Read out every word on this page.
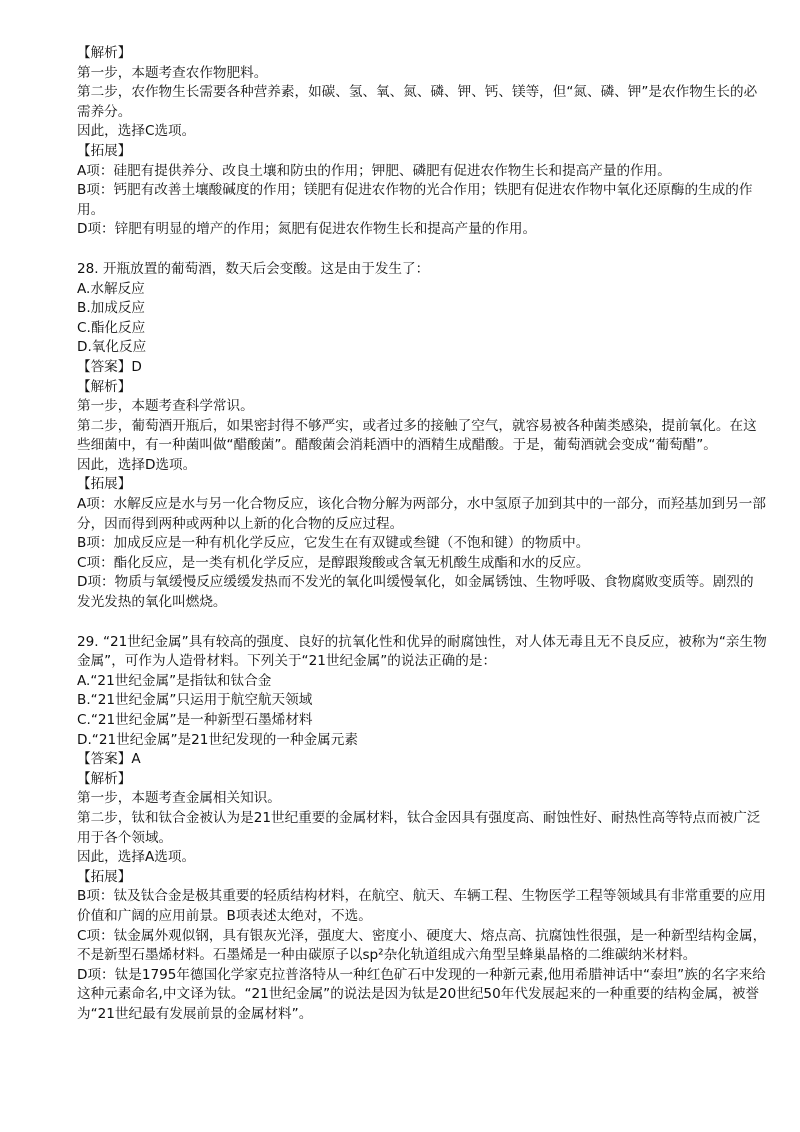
【解析】
第一步，本题考查农作物肥料。
第二步，农作物生长需要各种营养素，如碳、氢、氧、氮、磷、钾、钙、镁等，但“氮、磷、钾”是农作物生长的必需养分。
因此，选择C选项。
【拓展】
A项：硅肥有提供养分、改良土壤和防虫的作用；钾肥、磷肥有促进农作物生长和提高产量的作用。
B项：钙肥有改善土壤酸碱度的作用；镁肥有促进农作物的光合作用；铁肥有促进农作物中氧化还原酶的生成的作用。
D项：锌肥有明显的增产的作用；氮肥有促进农作物生长和提高产量的作用。
28. 开瓶放置的葡萄酒，数天后会变酸。这是由于发生了：
A.水解反应
B.加成反应
C.酯化反应
D.氧化反应
【答案】D
【解析】
第一步，本题考查科学常识。
第二步，葡萄酒开瓶后，如果密封得不够严实，或者过多的接触了空气，就容易被各种菌类感染，提前氧化。在这些细菌中，有一种菌叫做“醋酸菌”。醋酸菌会消耗酒中的酒精生成醋酸。于是，葡萄酒就会变成“葡萄醋”。
因此，选择D选项。
【拓展】
A项：水解反应是水与另一化合物反应，该化合物分解为两部分，水中氢原子加到其中的一部分，而羟基加到另一部分，因而得到两种或两种以上新的化合物的反应过程。
B项：加成反应是一种有机化学反应，它发生在有双键或叁键（不饱和键）的物质中。
C项：酯化反应，是一类有机化学反应，是醇跟羧酸或含氧无机酸生成酯和水的反应。
D项：物质与氧缓慢反应缓缓发热而不发光的氧化叫缓慢氧化，如金属锈蚀、生物呼吸、食物腐败变质等。剧烈的发光发热的氧化叫燃烧。
29. “21世纪金属”具有较高的强度、良好的抗氧化性和优异的耐腐蚀性，对人体无毒且无不良反应，被称为“亲生物金属”，可作为人造骨材料。下列关于“21世纪金属”的说法正确的是：
A.“21世纪金属”是指钛和钛合金
B.“21世纪金属”只运用于航空航天领域
C.“21世纪金属”是一种新型石墨烯材料
D.“21世纪金属”是21世纪发现的一种金属元素
【答案】A
【解析】
第一步，本题考查金属相关知识。
第二步，钛和钛合金被认为是21世纪重要的金属材料，钛合金因具有强度高、耐蚀性好、耐热性高等特点而被广泛用于各个领域。
因此，选择A选项。
【拓展】
B项：钛及钛合金是极其重要的轻质结构材料，在航空、航天、车辆工程、生物医学工程等领域具有非常重要的应用价值和广阔的应用前景。B项表述太绝对，不选。
C项：钛金属外观似钢，具有银灰光泽，强度大、密度小、硬度大、熔点高、抗腐蚀性很强，是一种新型结构金属，不是新型石墨烯材料。石墨烯是一种由碳原子以sp²杂化轨道组成六角型呈蜂巢晶格的二维碳纳米材料。
D项：钛是1795年德国化学家克拉普洛特从一种红色矿石中发现的一种新元素,他用希腊神话中“泰坦”族的名字来给这种元素命名,中文译为钛。“21世纪金属”的说法是因为钛是20世纪50年代发展起来的一种重要的结构金属，被誉为“21世纪最有发展前景的金属材料”。
